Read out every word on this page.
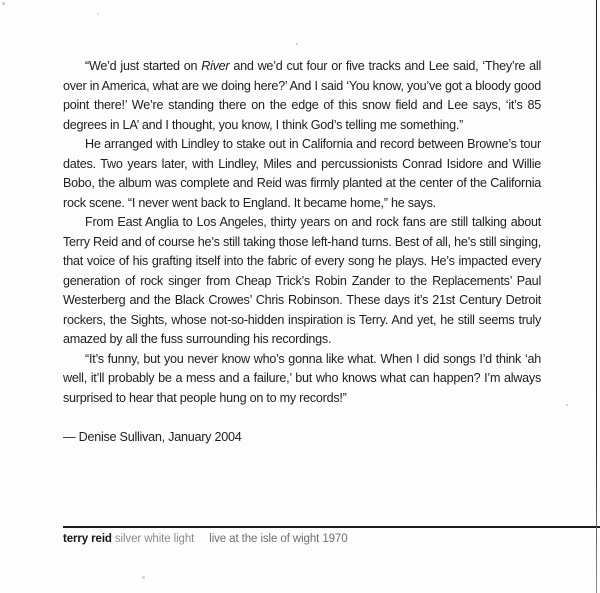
“We’d just started on River and we’d cut four or five tracks and Lee said, ‘They’re all over in America, what are we doing here?’ And I said ‘You know, you’ve got a bloody good point there!’ We’re standing there on the edge of this snow field and Lee says, ‘it’s 85 degrees in LA’ and I thought, you know, I think God’s telling me something.”

He arranged with Lindley to stake out in California and record between Browne’s tour dates. Two years later, with Lindley, Miles and percussionists Conrad Isidore and Willie Bobo, the album was complete and Reid was firmly planted at the center of the California rock scene. “I never went back to England. It became home,” he says.

From East Anglia to Los Angeles, thirty years on and rock fans are still talking about Terry Reid and of course he’s still taking those left-hand turns. Best of all, he’s still singing, that voice of his grafting itself into the fabric of every song he plays. He’s impacted every generation of rock singer from Cheap Trick’s Robin Zander to the Replacements’ Paul Westerberg and the Black Crowes’ Chris Robinson. These days it’s 21st Century Detroit rockers, the Sights, whose not-so-hidden inspiration is Terry. And yet, he still seems truly amazed by all the fuss surrounding his recordings.

“It’s funny, but you never know who’s gonna like what. When I did songs I’d think ‘ah well, it’ll probably be a mess and a failure,’ but who knows what can happen? I’m always surprised to hear that people hung on to my records!”

— Denise Sullivan, January 2004

terry reid silver white light live at the isle of wight 1970
